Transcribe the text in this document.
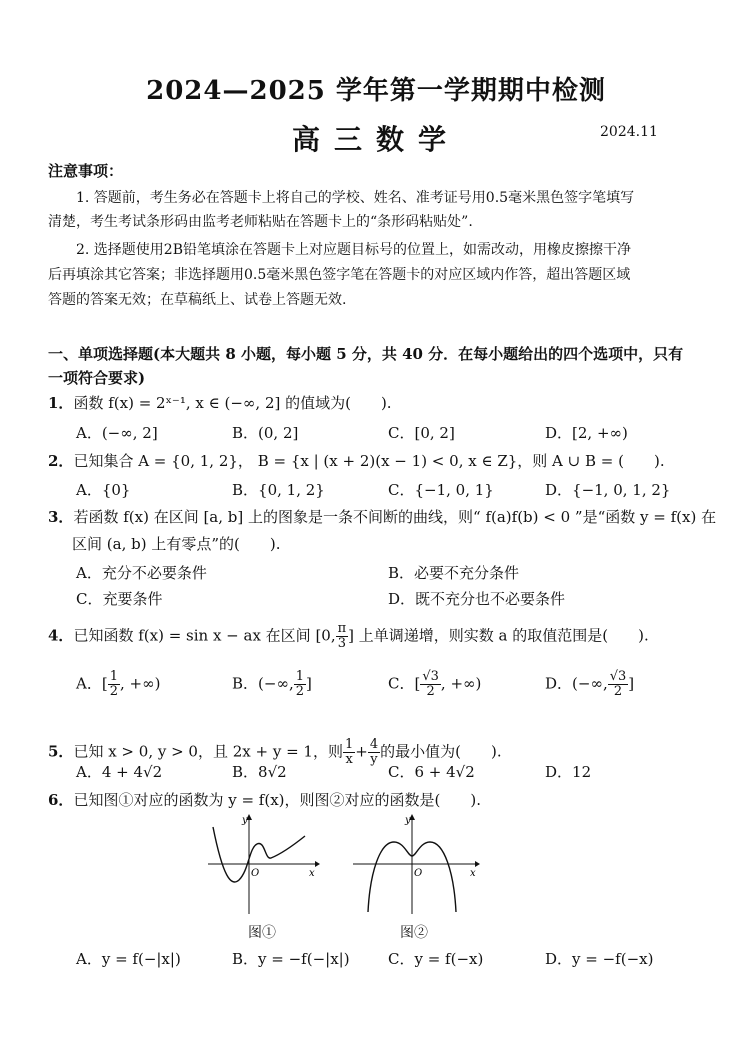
2024—2025 学年第一学期期中检测
高三数学	2024.11
注意事项：
1. 答题前，考生务必在答题卡上将自己的学校、姓名、准考证号用0.5毫米黑色签字笔填写
清楚，考生考试条形码由监考老师粘贴在答题卡上的“条形码粘贴处”.
2. 选择题使用2B铅笔填涂在答题卡上对应题目标号的位置上，如需改动，用橡皮擦擦干净
后再填涂其它答案；非选择题用0.5毫米黑色签字笔在答题卡的对应区域内作答，超出答题区域
答题的答案无效；在草稿纸上、试卷上答题无效.
一、单项选择题(本大题共 8 小题，每小题 5 分，共 40 分．在每小题给出的四个选项中，只有
一项符合要求)
1．函数 f(x) = 2ˣ⁻¹, x ∈ (−∞, 2] 的值域为(　　).
A．(−∞, 2]	B．(0, 2]	C．[0, 2]	D．[2, +∞)
2．已知集合 A = {0, 1, 2}， B = {x | (x + 2)(x − 1) < 0, x ∈ Z}，则 A ∪ B = (　　).
A．{0}	B．{0, 1, 2}	C．{−1, 0, 1}	D．{−1, 0, 1, 2}
3．若函数 f(x) 在区间 [a, b] 上的图象是一条不间断的曲线，则“ f(a)f(b) < 0 ”是“函数 y = f(x) 在
区间 (a, b) 上有零点”的(　　).
A．充分不必要条件	B．必要不充分条件
C．充要条件	D．既不充分也不必要条件
4．已知函数 f(x) = sin x − ax 在区间 [0, $\frac{\pi}{3}$ ] 上单调递增，则实数 a 的取值范围是(　　).
A．[ $\frac{1}{2}$ , +∞)	B．(−∞, $\frac{1}{2}$ ]	C．[ $\frac{√3}{2}$ , +∞)	D．(−∞, $\frac{√3}{2}$ ]
5．已知 x > 0, y > 0，且 2x + y = 1，则 $\frac{1}{x} + \frac{4}{y}$ 的最小值为(　　).
A．4 + 4√2	B．8√2	C．6 + 4√2	D．12
6．已知图①对应的函数为 y = f(x)，则图②对应的函数是(　　).
y
x
O
图①
y
x
O
图②
A．y = f(−|x|)	B．y = −f(−|x|)	C．y = f(−x)	D．y = −f(−x)
